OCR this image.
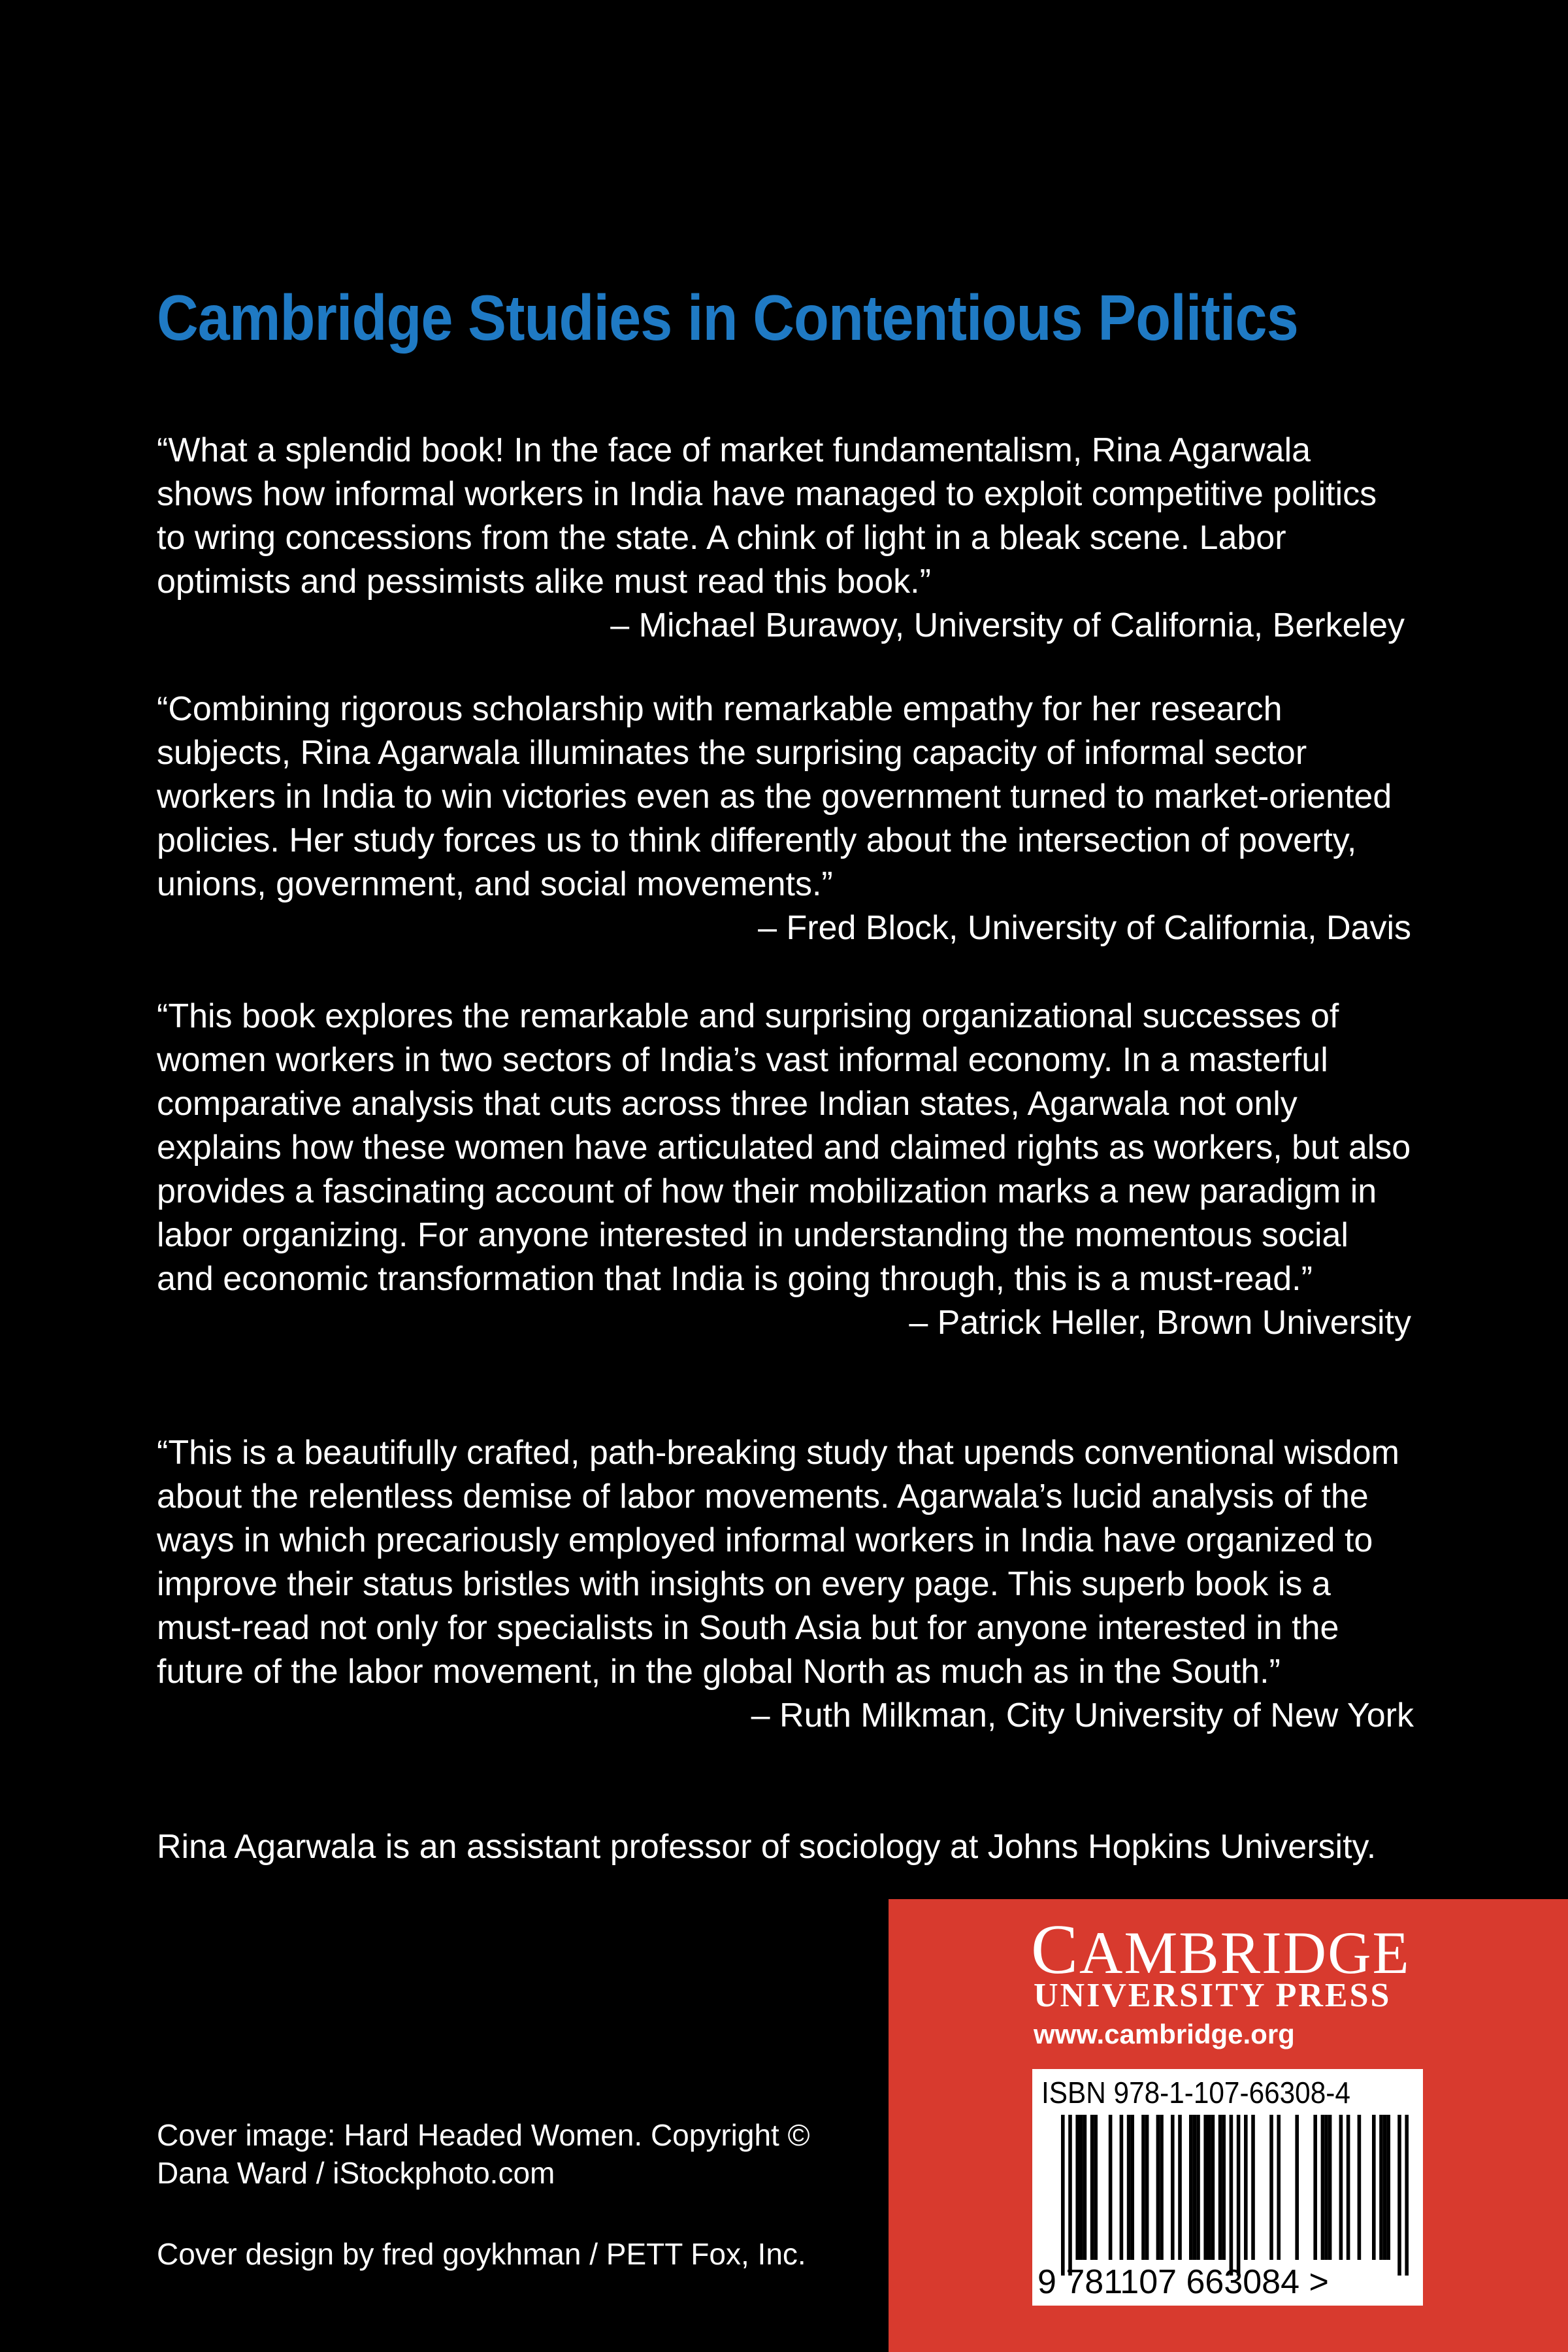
Cambridge Studies in Contentious Politics

“What a splendid book! In the face of market fundamentalism, Rina Agarwala shows how informal workers in India have managed to exploit competitive politics to wring concessions from the state. A chink of light in a bleak scene. Labor optimists and pessimists alike must read this book.”

– Michael Burawoy, University of California, Berkeley

“Combining rigorous scholarship with remarkable empathy for her research subjects, Rina Agarwala illuminates the surprising capacity of informal sector workers in India to win victories even as the government turned to market-oriented policies. Her study forces us to think differently about the intersection of poverty, unions, government, and social movements.”

– Fred Block, University of California, Davis

“This book explores the remarkable and surprising organizational successes of women workers in two sectors of India’s vast informal economy. In a masterful comparative analysis that cuts across three Indian states, Agarwala not only explains how these women have articulated and claimed rights as workers, but also provides a fascinating account of how their mobilization marks a new paradigm in labor organizing. For anyone interested in understanding the momentous social and economic transformation that India is going through, this is a must-read.”

– Patrick Heller, Brown University

“This is a beautifully crafted, path-breaking study that upends conventional wisdom about the relentless demise of labor movements. Agarwala’s lucid analysis of the ways in which precariously employed informal workers in India have organized to improve their status bristles with insights on every page. This superb book is a must-read not only for specialists in South Asia but for anyone interested in the future of the labor movement, in the global North as much as in the South.”

– Ruth Milkman, City University of New York

Rina Agarwala is an assistant professor of sociology at Johns Hopkins University.
Cover image: Hard Headed Women. Copyright © Dana Ward / iStockphoto.com
Cover design by fred goykhman / PETT Fox, Inc.
CAMBRIDGE
UNIVERSITY PRESS
www.cambridge.org
ISBN 978-1-107-66308-4
9 781107 663084 >
